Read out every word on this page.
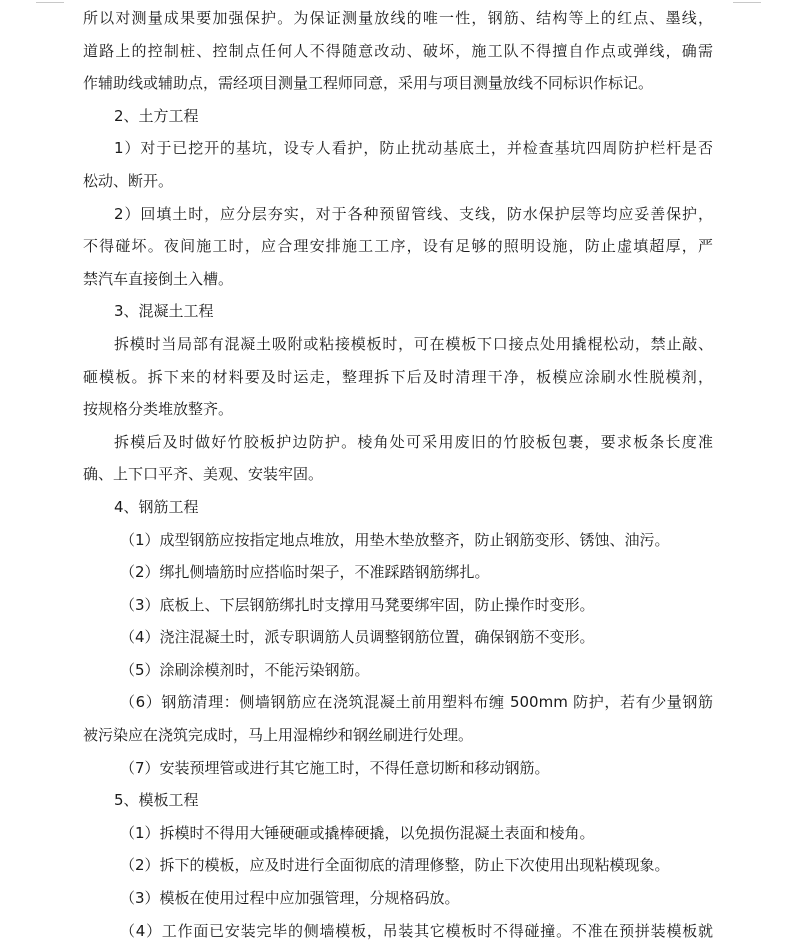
所以对测量成果要加强保护。为保证测量放线的唯一性，钢筋、结构等上的红点、墨线，
道路上的控制桩、控制点任何人不得随意改动、破坏，施工队不得擅自作点或弹线，确需
作辅助线或辅助点，需经项目测量工程师同意，采用与项目测量放线不同标识作标记。
2、土方工程
1）对于已挖开的基坑，设专人看护，防止扰动基底土，并检查基坑四周防护栏杆是否
松动、断开。
2）回填土时，应分层夯实，对于各种预留管线、支线，防水保护层等均应妥善保护，
不得碰坏。夜间施工时，应合理安排施工工序，设有足够的照明设施，防止虚填超厚，严
禁汽车直接倒土入槽。
3、混凝土工程
拆模时当局部有混凝土吸附或粘接模板时，可在模板下口接点处用撬棍松动，禁止敲、
砸模板。拆下来的材料要及时运走，整理拆下后及时清理干净，板模应涂刷水性脱模剂，
按规格分类堆放整齐。
拆模后及时做好竹胶板护边防护。棱角处可采用废旧的竹胶板包裹，要求板条长度准
确、上下口平齐、美观、安装牢固。
4、钢筋工程
（1）成型钢筋应按指定地点堆放，用垫木垫放整齐，防止钢筋变形、锈蚀、油污。
（2）绑扎侧墙筋时应搭临时架子，不准踩踏钢筋绑扎。
（3）底板上、下层钢筋绑扎时支撑用马凳要绑牢固，防止操作时变形。
（4）浇注混凝土时，派专职调筋人员调整钢筋位置，确保钢筋不变形。
（5）涂刷涂模剂时，不能污染钢筋。
（6）钢筋清理：侧墙钢筋应在浇筑混凝土前用塑料布缠 500mm 防护，若有少量钢筋
被污染应在浇筑完成时，马上用湿棉纱和钢丝刷进行处理。
（7）安装预埋管或进行其它施工时，不得任意切断和移动钢筋。
5、模板工程
（1）拆模时不得用大锤硬砸或撬棒硬撬，以免损伤混凝土表面和棱角。
（2）拆下的模板，应及时进行全面彻底的清理修整，防止下次使用出现粘模现象。
（3）模板在使用过程中应加强管理，分规格码放。
（4）工作面已安装完毕的侧墙模板，吊装其它模板时不得碰撞。不准在预拼装模板就
